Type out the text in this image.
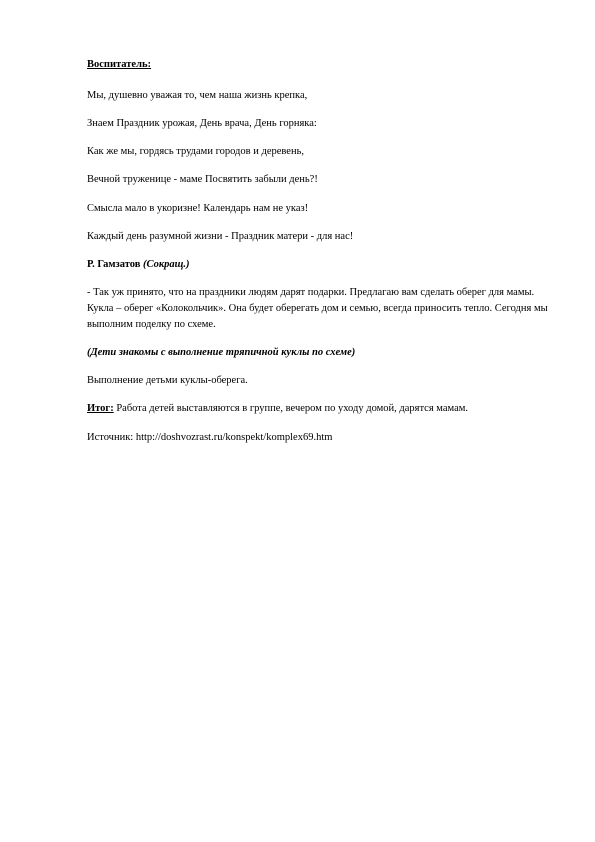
Воспитатель:
Мы, душевно уважая то, чем наша жизнь крепка,
Знаем Праздник урожая, День врача, День горняка:
Как же мы, гордясь трудами городов и деревень,
Вечной труженице - маме Посвятить забыли день?!
Смысла мало в укоризне! Календарь нам не указ!
Каждый день разумной жизни - Праздник матери - для нас!
Р. Гамзатов (Сокращ.)
- Так уж принято, что на праздники людям дарят подарки. Предлагаю вам сделать оберег для мамы. Кукла – оберег «Колокольчик». Она будет оберегать дом и семью, всегда приносить тепло. Сегодня мы выполним поделку по схеме.
(Дети знакомы с выполнение тряпичной куклы по схеме)
Выполнение детьми куклы-оберега.
Итог: Работа детей выставляются в группе, вечером по уходу домой, дарятся мамам.
Источник: http://doshvozrast.ru/konspekt/komplex69.htm
